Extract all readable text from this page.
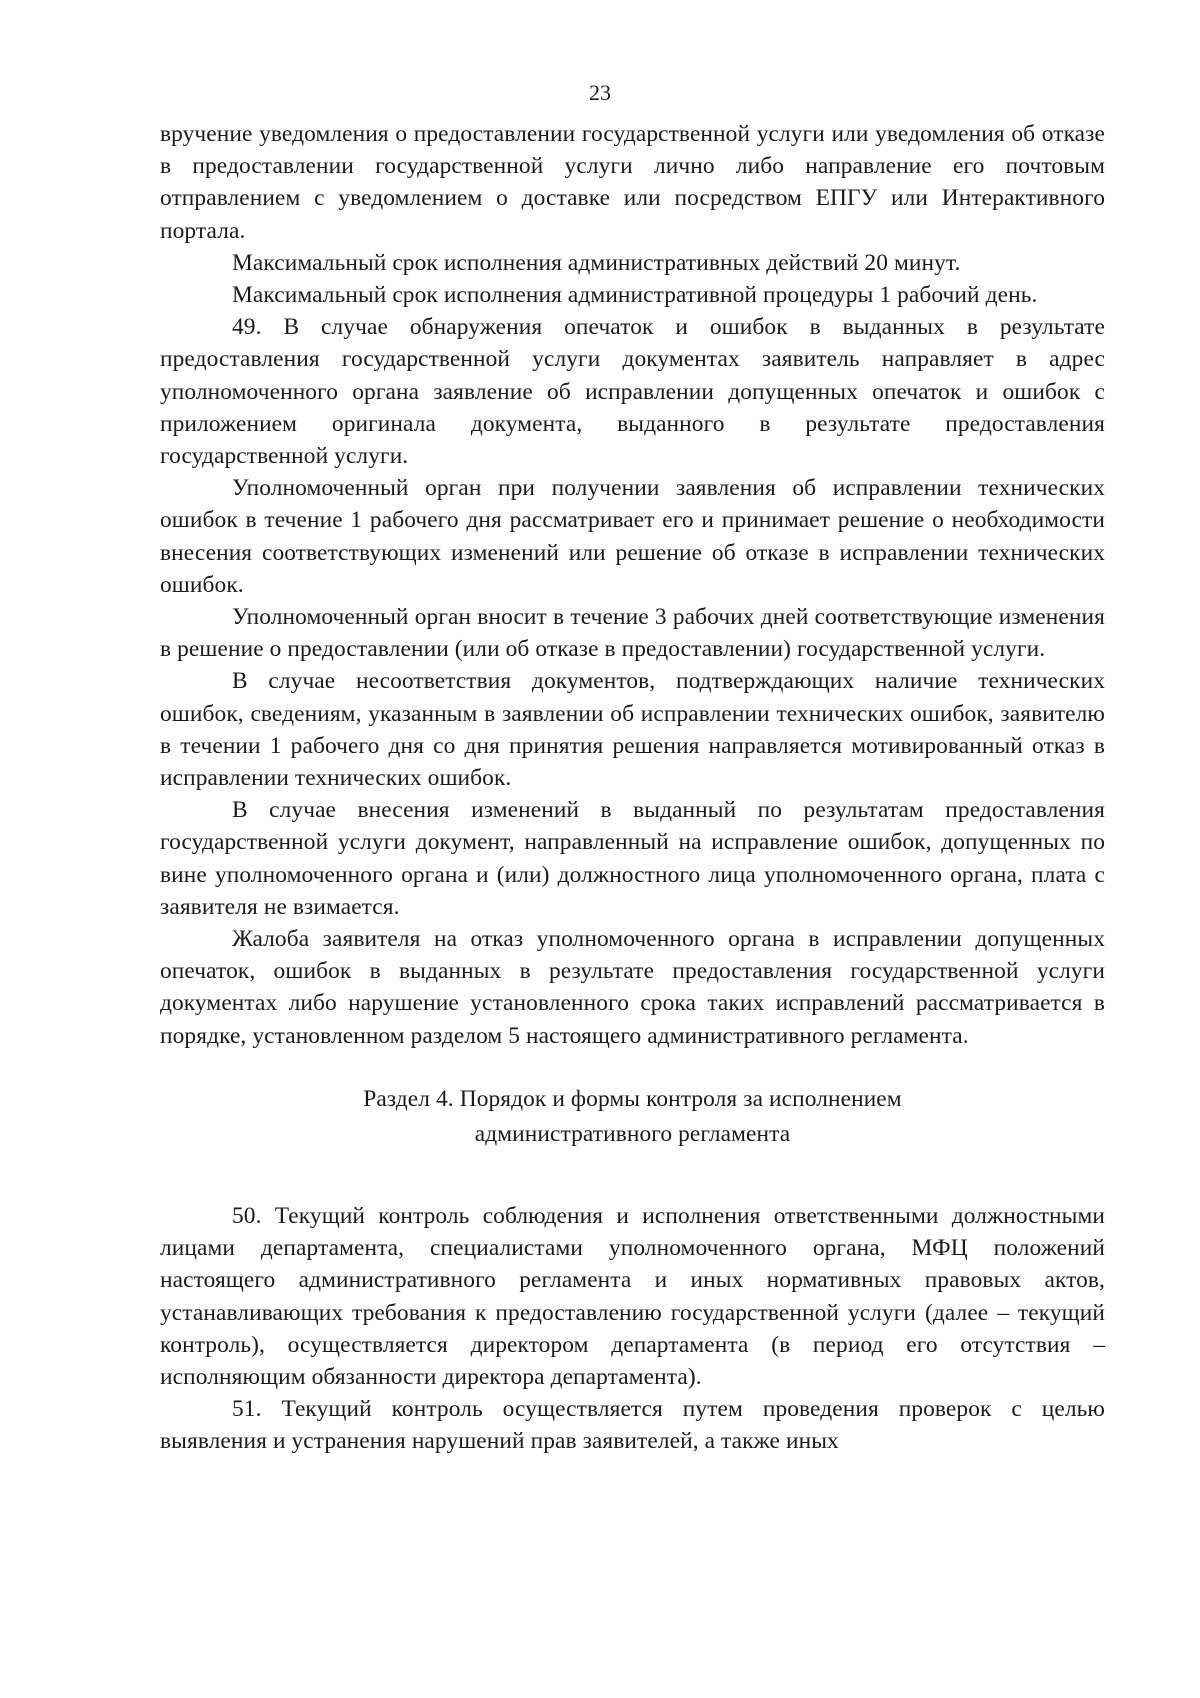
23

вручение уведомления о предоставлении государственной услуги или уведомления об отказе в предоставлении государственной услуги лично либо направление его почтовым отправлением с уведомлением о доставке или посредством ЕПГУ или Интерактивного портала.

Максимальный срок исполнения административных действий 20 минут.

Максимальный срок исполнения административной процедуры 1 рабочий день.

49. В случае обнаружения опечаток и ошибок в выданных в результате предоставления государственной услуги документах заявитель направляет в адрес уполномоченного органа заявление об исправлении допущенных опечаток и ошибок с приложением оригинала документа, выданного в результате предоставления государственной услуги.

Уполномоченный орган при получении заявления об исправлении технических ошибок в течение 1 рабочего дня рассматривает его и принимает решение о необходимости внесения соответствующих изменений или решение об отказе в исправлении технических ошибок.

Уполномоченный орган вносит в течение 3 рабочих дней соответствующие изменения в решение о предоставлении (или об отказе в предоставлении) государственной услуги.

В случае несоответствия документов, подтверждающих наличие технических ошибок, сведениям, указанным в заявлении об исправлении технических ошибок, заявителю в течении 1 рабочего дня со дня принятия решения направляется мотивированный отказ в исправлении технических ошибок.

В случае внесения изменений в выданный по результатам предоставления государственной услуги документ, направленный на исправление ошибок, допущенных по вине уполномоченного органа и (или) должностного лица уполномоченного органа, плата с заявителя не взимается.

Жалоба заявителя на отказ уполномоченного органа в исправлении допущенных опечаток, ошибок в выданных в результате предоставления государственной услуги документах либо нарушение установленного срока таких исправлений рассматривается в порядке, установленном разделом 5 настоящего административного регламента.

Раздел 4. Порядок и формы контроля за исполнением
административного регламента

50. Текущий контроль соблюдения и исполнения ответственными должностными лицами департамента, специалистами уполномоченного органа, МФЦ положений настоящего административного регламента и иных нормативных правовых актов, устанавливающих требования к предоставлению государственной услуги (далее – текущий контроль), осуществляется директором департамента (в период его отсутствия – исполняющим обязанности директора департамента).

51. Текущий контроль осуществляется путем проведения проверок с целью выявления и устранения нарушений прав заявителей, а также иных
